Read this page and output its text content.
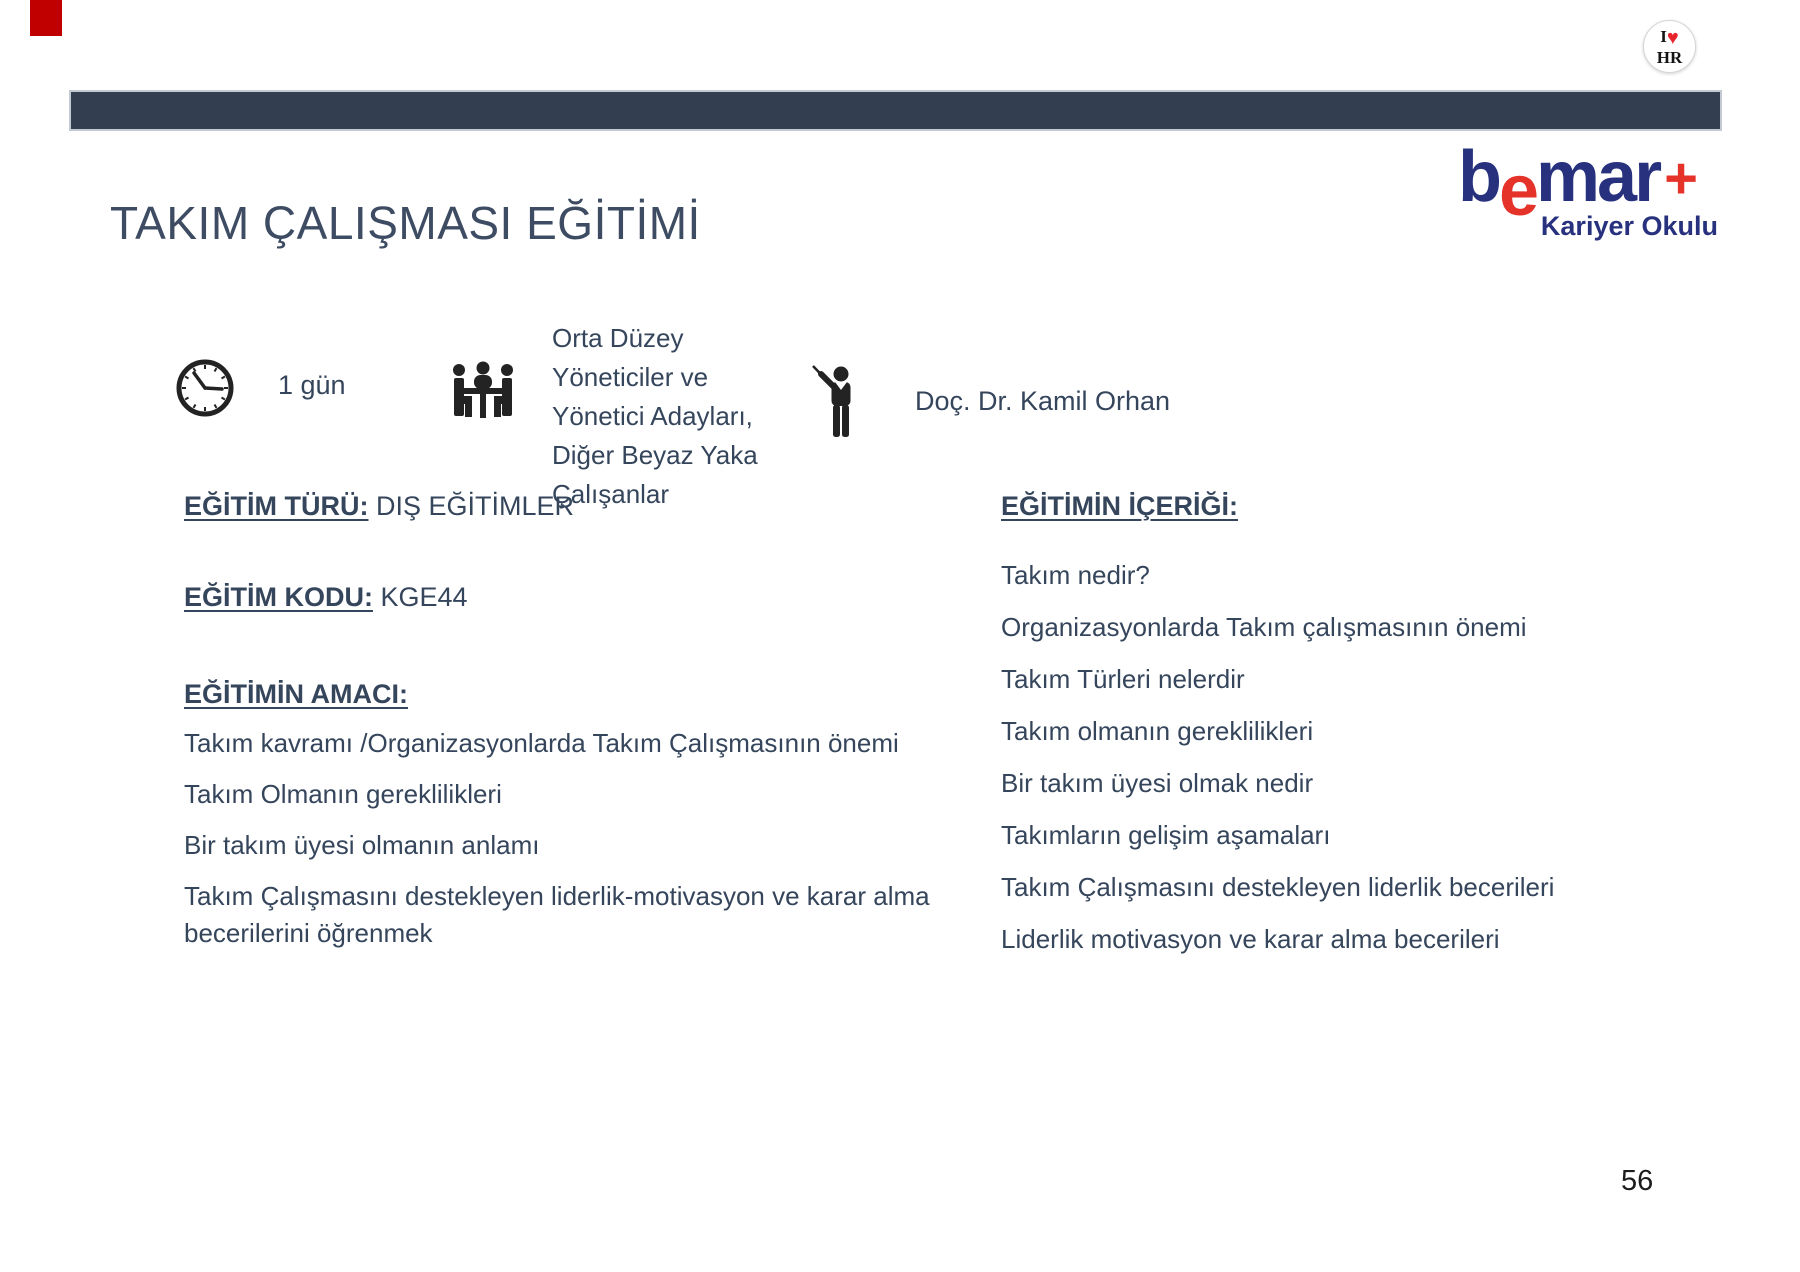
I♥
HR
TAKIM ÇALIŞMASI EĞİTİMİ
bemar+
Kariyer Okulu
1 gün
Orta Düzey
Yöneticiler ve
Yönetici Adayları,
Diğer Beyaz Yaka
Çalışanlar
Doç. Dr. Kamil Orhan
EĞİTİM TÜRÜ: DIŞ EĞİTİMLER
EĞİTİM KODU: KGE44
EĞİTİMİN AMACI:

Takım kavramı /Organizasyonlarda Takım Çalışmasının önemi

Takım Olmanın gereklilikleri

Bir takım üyesi olmanın anlamı

Takım Çalışmasını destekleyen liderlik-motivasyon ve karar alma becerilerini öğrenmek

EĞİTİMİN İÇERİĞİ:

Takım nedir?

Organizasyonlarda Takım çalışmasının önemi

Takım Türleri nelerdir

Takım olmanın gereklilikleri

Bir takım üyesi olmak nedir

Takımların gelişim aşamaları

Takım Çalışmasını destekleyen liderlik becerileri

Liderlik motivasyon ve karar alma becerileri

56
